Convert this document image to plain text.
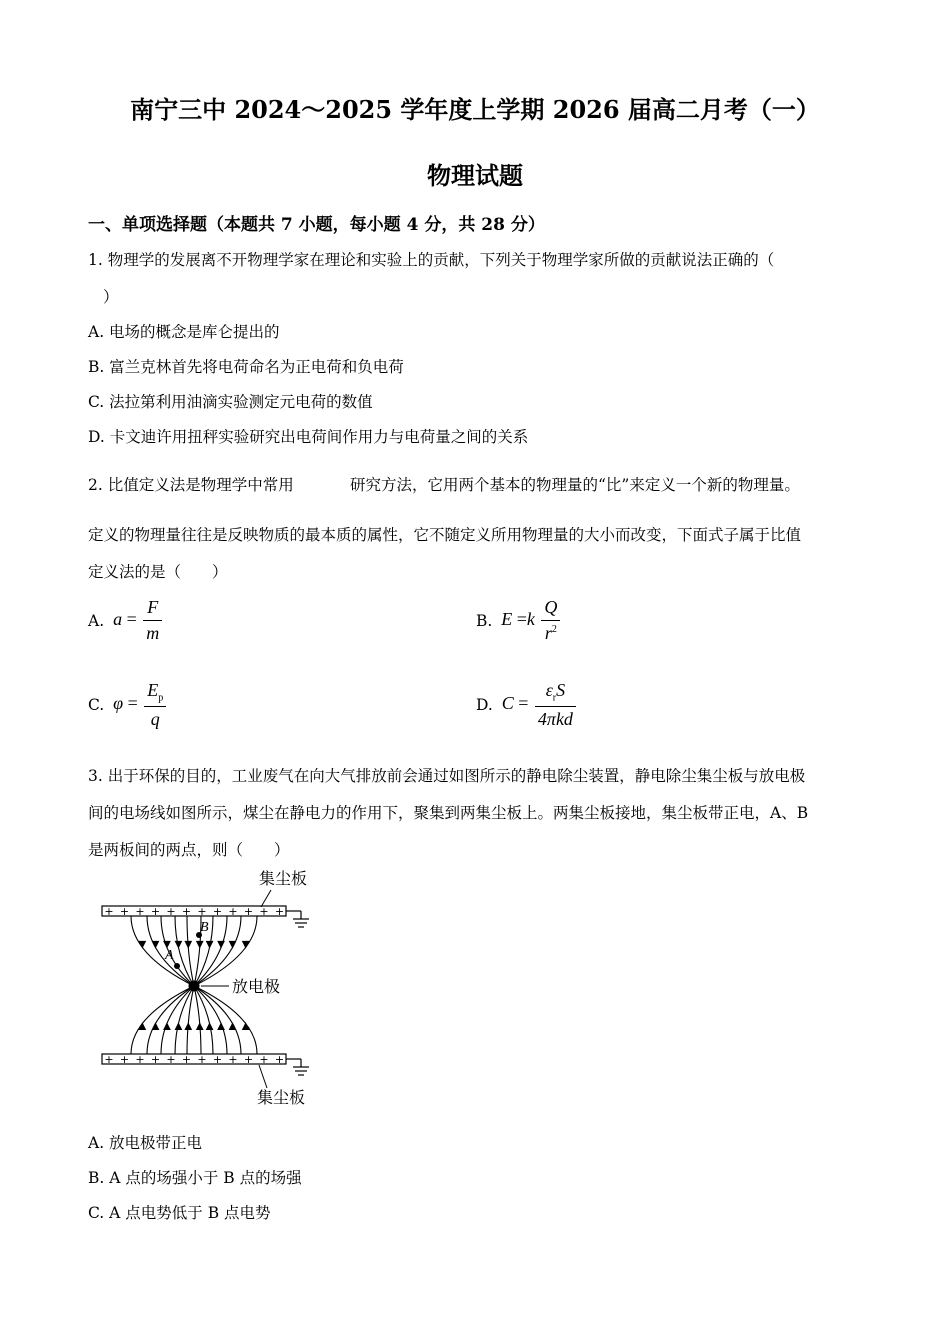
南宁三中 2024～2025 学年度上学期 2026 届高二月考（一）
物理试题
一、单项选择题（本题共 7 小题，每小题 4 分，共 28 分）
1. 物理学的发展离不开物理学家在理论和实验上的贡献，下列关于物理学家所做的贡献说法正确的（
）
A. 电场的概念是库仑提出的
B. 富兰克林首先将电荷命名为正电荷和负电荷
C. 法拉第利用油滴实验测定元电荷的数值
D. 卡文迪许用扭秤实验研究出电荷间作用力与电荷量之间的关系
2. 比值定义法是物理学中常用	研究方法，它用两个基本的物理量的“比”来定义一个新的物理量。
定义的物理量往往是反映物质的最本质的属性，它不随定义所用物理量的大小而改变，下面式子属于比值
定义法的是（　　）
A. $a = \frac{F}{m}$	B. $E =k \frac{Q}{r^2}$
C. $\varphi = \frac{E_p}{q}$	D. $C = \frac{\varepsilon_rS}{\text{4πkd}}$
3. 出于环保的目的，工业废气在向大气排放前会通过如图所示的静电除尘装置，静电除尘集尘板与放电极
间的电场线如图所示，煤尘在静电力的作用下，聚集到两集尘板上。两集尘板接地，集尘板带正电，A、B
是两板间的两点，则（　　）
+ + + + + + + + + + + +
集尘板
+ + + + + + + + + + + +
集尘板
放电极
A
B
A. 放电极带正电
B. A 点的场强小于 B 点的场强
C. A 点电势低于 B 点电势
